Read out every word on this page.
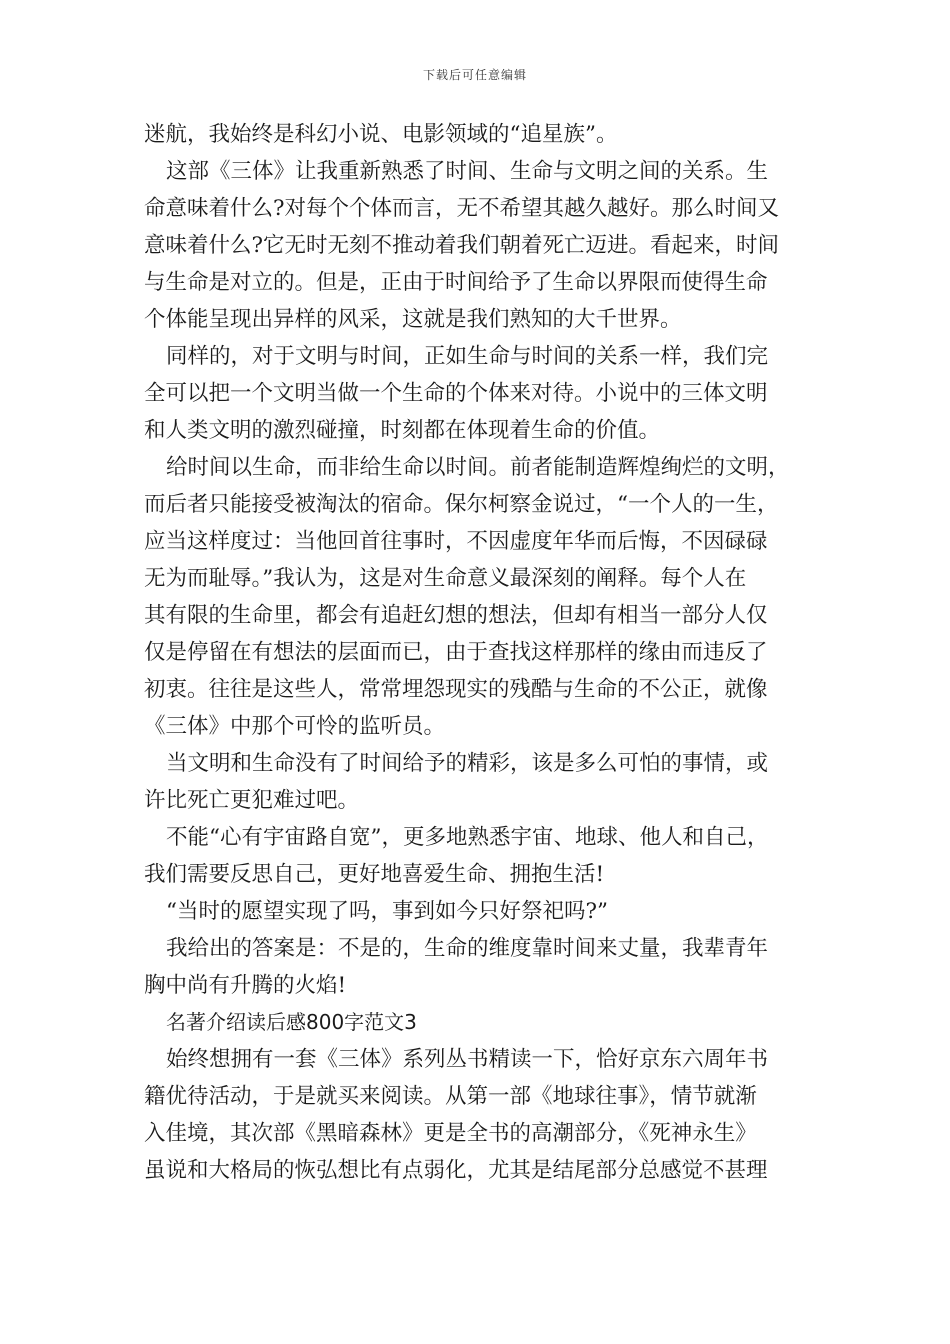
下载后可任意编辑
迷航，我始终是科幻小说、电影领域的“追星族”。
这部《三体》让我重新熟悉了时间、生命与文明之间的关系。生
命意味着什么?对每个个体而言，无不希望其越久越好。那么时间又
意味着什么?它无时无刻不推动着我们朝着死亡迈进。看起来，时间
与生命是对立的。但是，正由于时间给予了生命以界限而使得生命
个体能呈现出异样的风采，这就是我们熟知的大千世界。
同样的，对于文明与时间，正如生命与时间的关系一样，我们完
全可以把一个文明当做一个生命的个体来对待。小说中的三体文明
和人类文明的激烈碰撞，时刻都在体现着生命的价值。
给时间以生命，而非给生命以时间。前者能制造辉煌绚烂的文明，
而后者只能接受被淘汰的宿命。保尔柯察金说过，“一个人的一生，
应当这样度过：当他回首往事时，不因虚度年华而后悔，不因碌碌
无为而耻辱。”我认为，这是对生命意义最深刻的阐释。每个人在
其有限的生命里，都会有追赶幻想的想法，但却有相当一部分人仅
仅是停留在有想法的层面而已，由于查找这样那样的缘由而违反了
初衷。往往是这些人，常常埋怨现实的残酷与生命的不公正，就像
《三体》中那个可怜的监听员。
当文明和生命没有了时间给予的精彩，该是多么可怕的事情，或
许比死亡更犯难过吧。
不能“心有宇宙路自宽”，更多地熟悉宇宙、地球、他人和自己，
我们需要反思自己，更好地喜爱生命、拥抱生活!
“当时的愿望实现了吗，事到如今只好祭祀吗?”
我给出的答案是：不是的，生命的维度靠时间来丈量，我辈青年
胸中尚有升腾的火焰!
名著介绍读后感800字范文3
始终想拥有一套《三体》系列丛书精读一下，恰好京东六周年书
籍优待活动，于是就买来阅读。从第一部《地球往事》，情节就渐
入佳境，其次部《黑暗森林》更是全书的高潮部分，《死神永生》
虽说和大格局的恢弘想比有点弱化，尤其是结尾部分总感觉不甚理
